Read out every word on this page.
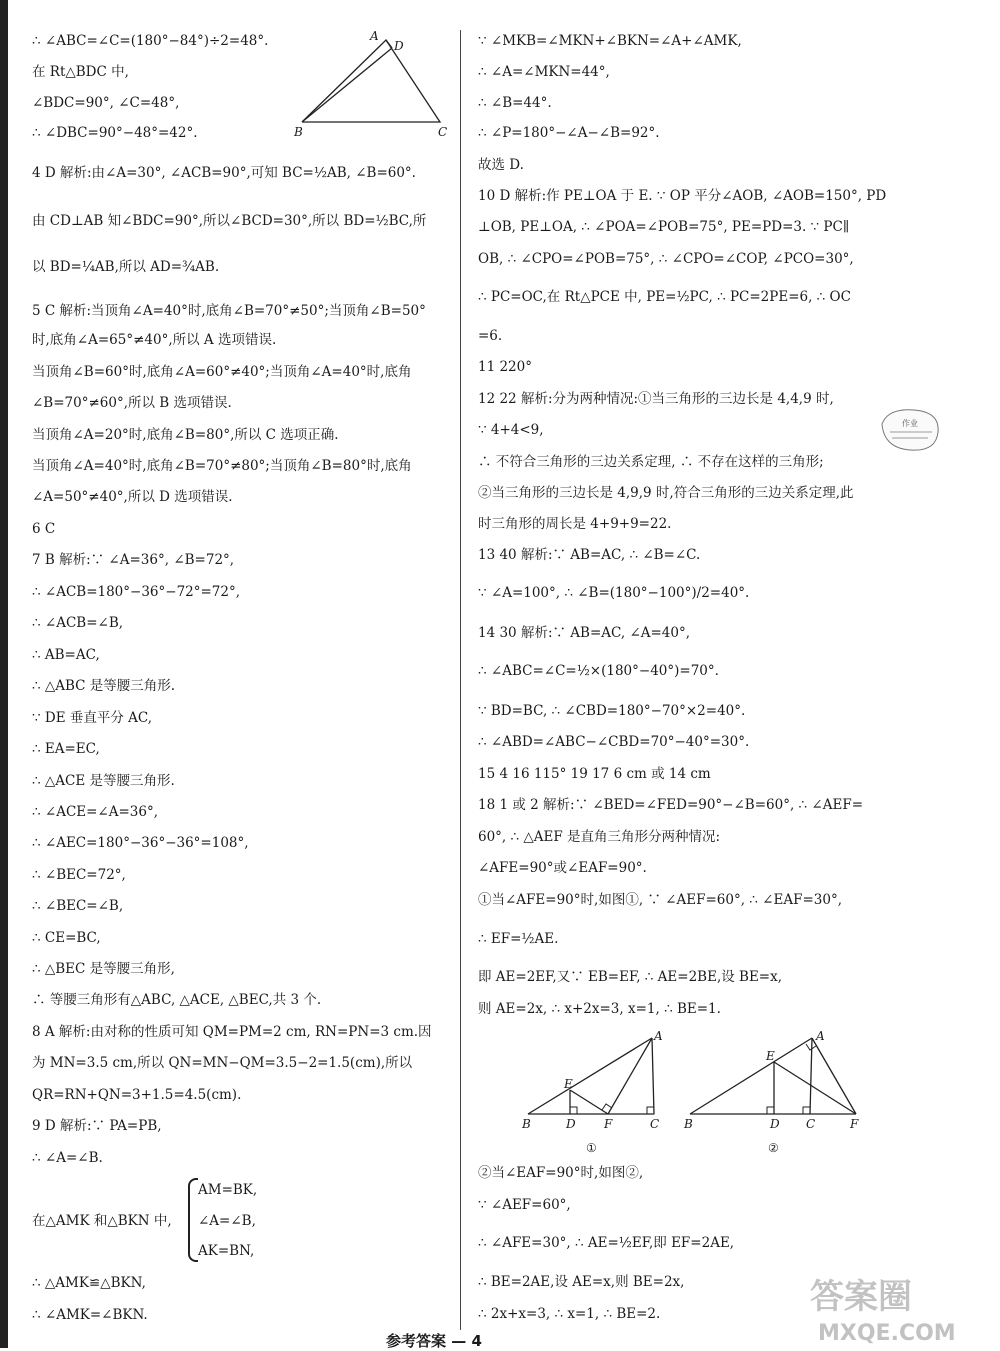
∴ ∠ABC=∠C=(180°−84°)÷2=48°.
在 Rt△BDC 中,
∠BDC=90°, ∠C=48°,
∴ ∠DBC=90°−48°=42°.
4 D 解析:由∠A=30°, ∠ACB=90°,可知 BC=½AB, ∠B=60°.
由 CD⊥AB 知∠BDC=90°,所以∠BCD=30°,所以 BD=½BC,所
以 BD=¼AB,所以 AD=¾AB.
5 C 解析:当顶角∠A=40°时,底角∠B=70°≠50°;当顶角∠B=50°
时,底角∠A=65°≠40°,所以 A 选项错误.
当顶角∠B=60°时,底角∠A=60°≠40°;当顶角∠A=40°时,底角
∠B=70°≠60°,所以 B 选项错误.
当顶角∠A=20°时,底角∠B=80°,所以 C 选项正确.
当顶角∠A=40°时,底角∠B=70°≠80°;当顶角∠B=80°时,底角
∠A=50°≠40°,所以 D 选项错误.
6 C
7 B 解析:∵ ∠A=36°, ∠B=72°,
∴ ∠ACB=180°−36°−72°=72°,
∴ ∠ACB=∠B,
∴ AB=AC,
∴ △ABC 是等腰三角形.
∵ DE 垂直平分 AC,
∴ EA=EC,
∴ △ACE 是等腰三角形.
∴ ∠ACE=∠A=36°,
∴ ∠AEC=180°−36°−36°=108°,
∴ ∠BEC=72°,
∴ ∠BEC=∠B,
∴ CE=BC,
∴ △BEC 是等腰三角形,
∴ 等腰三角形有△ABC, △ACE, △BEC,共 3 个.
8 A 解析:由对称的性质可知 QM=PM=2 cm, RN=PN=3 cm.因
为 MN=3.5 cm,所以 QN=MN−QM=3.5−2=1.5(cm),所以
QR=RN+QN=3+1.5=4.5(cm).
9 D 解析:∵ PA=PB,
∴ ∠A=∠B.
在△AMK 和△BKN 中,
AM=BK,
∠A=∠B,
AK=BN,
∴ △AMK≌△BKN,
∴ ∠AMK=∠BKN.
A
D
B	C
∵ ∠MKB=∠MKN+∠BKN=∠A+∠AMK,
∴ ∠A=∠MKN=44°,
∴ ∠B=44°.
∴ ∠P=180°−∠A−∠B=92°.
故选 D.
10 D 解析:作 PE⊥OA 于 E. ∵ OP 平分∠AOB, ∠AOB=150°, PD
⊥OB, PE⊥OA, ∴ ∠POA=∠POB=75°, PE=PD=3. ∵ PC∥
OB, ∴ ∠CPO=∠POB=75°, ∴ ∠CPO=∠COP, ∠PCO=30°,
∴ PC=OC,在 Rt△PCE 中, PE=½PC, ∴ PC=2PE=6, ∴ OC
=6.
11 220°
12 22 解析:分为两种情况:①当三角形的三边长是 4,4,9 时,
∵ 4+4<9,
∴ 不符合三角形的三边关系定理, ∴ 不存在这样的三角形;
②当三角形的三边长是 4,9,9 时,符合三角形的三边关系定理,此
时三角形的周长是 4+9+9=22.
13 40 解析:∵ AB=AC, ∴ ∠B=∠C.
∵ ∠A=100°, ∴ ∠B=(180°−100°)/2=40°.
14 30 解析:∵ AB=AC, ∠A=40°,
∴ ∠ABC=∠C=½×(180°−40°)=70°.
∵ BD=BC, ∴ ∠CBD=180°−70°×2=40°.
∴ ∠ABD=∠ABC−∠CBD=70°−40°=30°.
15 4 16 115° 19 17 6 cm 或 14 cm
18 1 或 2 解析:∵ ∠BED=∠FED=90°−∠B=60°, ∴ ∠AEF=
60°, ∴ △AEF 是直角三角形分两种情况:
∠AFE=90°或∠EAF=90°.
①当∠AFE=90°时,如图①, ∵ ∠AEF=60°, ∴ ∠EAF=30°,
∴ EF=½AE.
即 AE=2EF,又∵ EB=EF, ∴ AE=2BE,设 BE=x,
则 AE=2x, ∴ x+2x=3, x=1, ∴ BE=1.
②当∠EAF=90°时,如图②,
∵ ∠AEF=60°,
∴ ∠AFE=30°, ∴ AE=½EF,即 EF=2AE,
∴ BE=2AE,设 AE=x,则 BE=2x,
∴ 2x+x=3, ∴ x=1, ∴ BE=2.
A
E
B	D F	C
①
A
E
B	D C	F
②
作业
答案圈
MXQE.COM
参考答案 — 4
